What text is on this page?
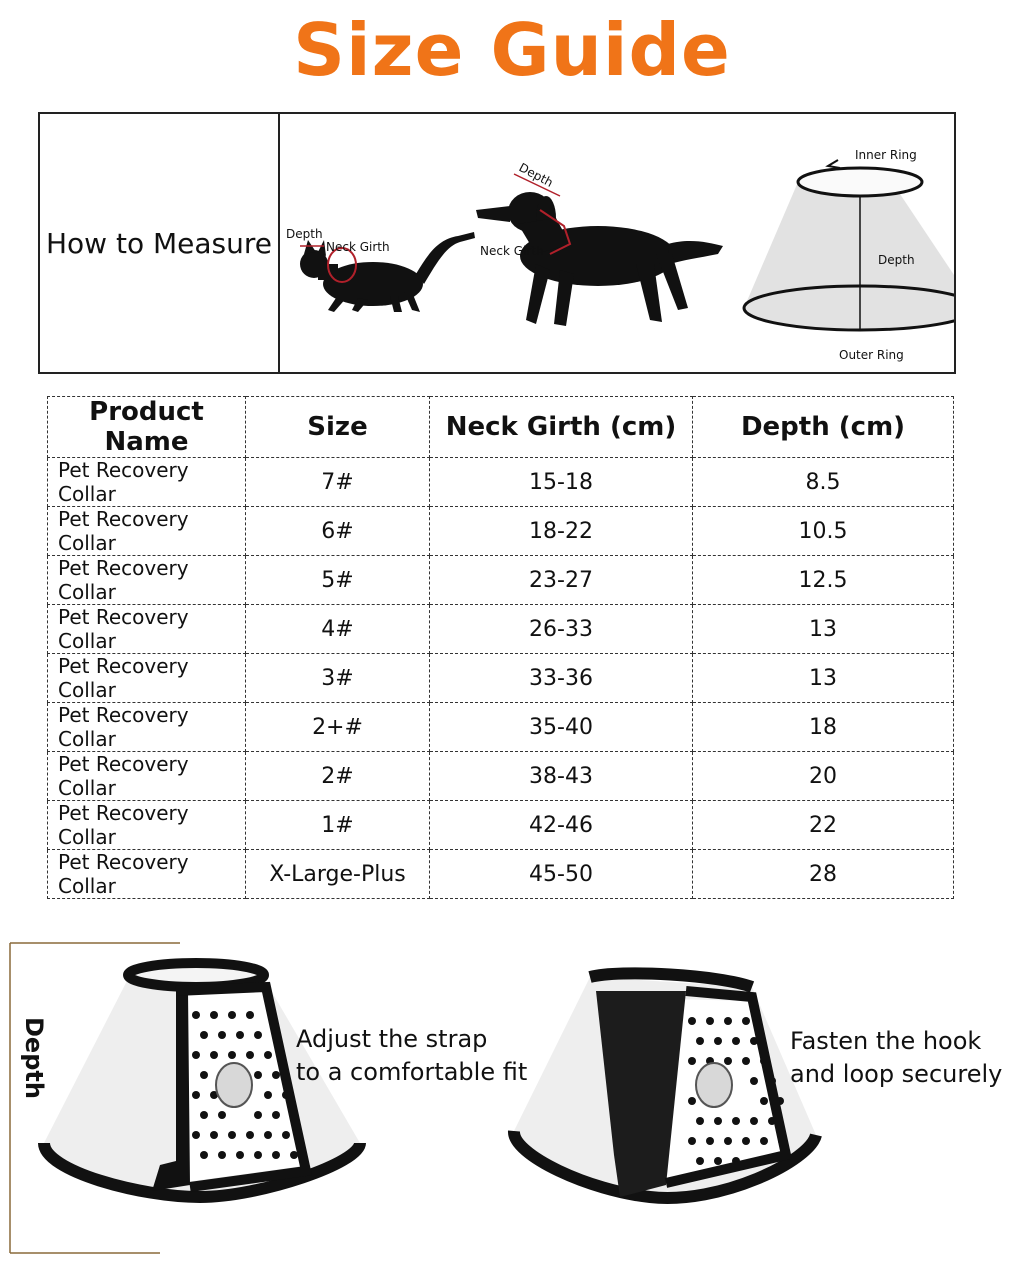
Size Guide
How to Measure Depth
Neck Girth
Depth
Neck Girth
Inner Ring
Depth
Outer Ring
Product Name	Size	Neck Girth (cm)	Depth (cm)
Pet Recovery Collar	7#	15-18	8.5
Pet Recovery Collar	6#	18-22	10.5
Pet Recovery Collar	5#	23-27	12.5
Pet Recovery Collar	4#	26-33	13
Pet Recovery Collar	3#	33-36	13
Pet Recovery Collar	2+#	35-40	18
Pet Recovery Collar	2#	38-43	20
Pet Recovery Collar	1#	42-46	22
Pet Recovery Collar	X-Large-Plus	45-50	28
Depth	Adjust the strap
to a comfortable fit
Fasten the hook
and loop securely
